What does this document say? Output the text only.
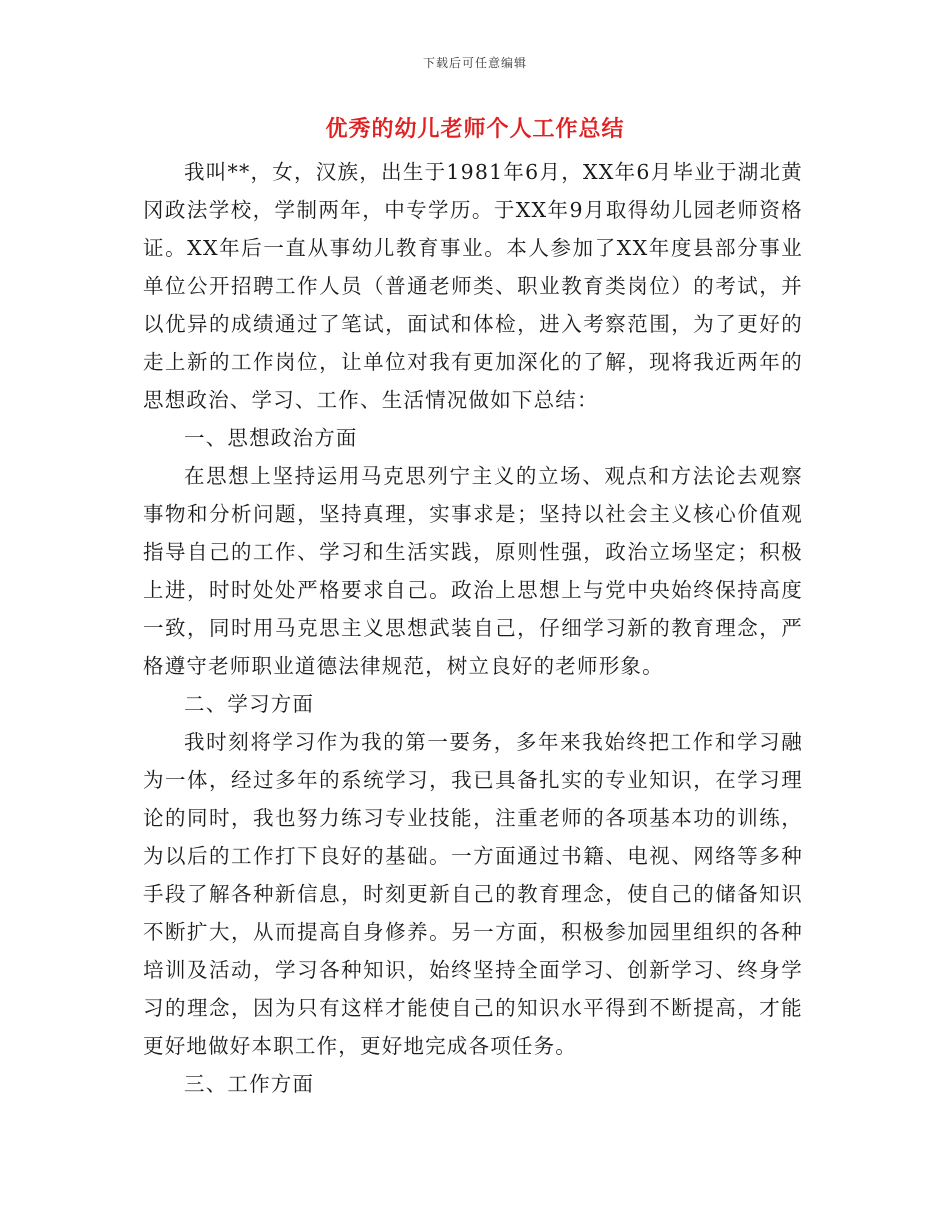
下载后可任意编辑
优秀的幼儿老师个人工作总结

我叫**，女，汉族，出生于1981年6月，XX年6月毕业于湖北黄冈政法学校，学制两年，中专学历。于XX年9月取得幼儿园老师资格证。XX年后一直从事幼儿教育事业。本人参加了XX年度县部分事业单位公开招聘工作人员（普通老师类、职业教育类岗位）的考试，并以优异的成绩通过了笔试，面试和体检，进入考察范围，为了更好的走上新的工作岗位，让单位对我有更加深化的了解，现将我近两年的思想政治、学习、工作、生活情况做如下总结：

一、思想政治方面

在思想上坚持运用马克思列宁主义的立场、观点和方法论去观察事物和分析问题，坚持真理，实事求是；坚持以社会主义核心价值观指导自己的工作、学习和生活实践，原则性强，政治立场坚定；积极上进，时时处处严格要求自己。政治上思想上与党中央始终保持高度一致，同时用马克思主义思想武装自己，仔细学习新的教育理念，严格遵守老师职业道德法律规范，树立良好的老师形象。

二、学习方面

我时刻将学习作为我的第一要务，多年来我始终把工作和学习融为一体，经过多年的系统学习，我已具备扎实的专业知识，在学习理论的同时，我也努力练习专业技能，注重老师的各项基本功的训练，为以后的工作打下良好的基础。一方面通过书籍、电视、网络等多种手段了解各种新信息，时刻更新自己的教育理念，使自己的储备知识不断扩大，从而提高自身修养。另一方面，积极参加园里组织的各种培训及活动，学习各种知识，始终坚持全面学习、创新学习、终身学习的理念，因为只有这样才能使自己的知识水平得到不断提高，才能更好地做好本职工作，更好地完成各项任务。

三、工作方面
